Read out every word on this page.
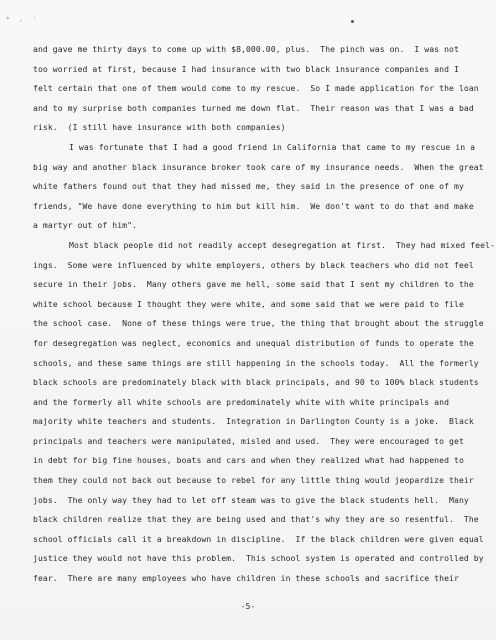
* , '
and gave me thirty days to come up with $8,000.00, plus.  The pinch was on.  I was not
too worried at first, because I had insurance with two black insurance companies and I
felt certain that one of them would come to my rescue.  So I made application for the loan
and to my surprise both companies turned me down flat.  Their reason was that I was a bad
risk.  (I still have insurance with both companies)
I was fortunate that I had a good friend in California that came to my rescue in a
big way and another black insurance broker took care of my insurance needs.  When the great
white fathers found out that they had missed me, they said in the presence of one of my
friends, "We have done everything to him but kill him.  We don't want to do that and make
a martyr out of him".
Most black people did not readily accept desegregation at first.  They had mixed feel-
ings.  Some were influenced by white employers, others by black teachers who did not feel
secure in their jobs.  Many others gave me hell, some said that I sent my children to the
white school because I thought they were white, and some said that we were paid to file
the school case.  None of these things were true, the thing that brought about the struggle
for desegregation was neglect, economics and unequal distribution of funds to operate the
schools, and these same things are still happening in the schools today.  All the formerly
black schools are predominately black with black principals, and 90 to 100% black students
and the formerly all white schools are predominately white with white principals and
majority white teachers and students.  Integration in Darlington County is a joke.  Black
principals and teachers were manipulated, misled and used.  They were encouraged to get
in debt for big fine houses, boats and cars and when they realized what had happened to
them they could not back out because to rebel for any little thing would jeopardize their
jobs.  The only way they had to let off steam was to give the black students hell.  Many
black children realize that they are being used and that's why they are so resentful.  The
school officials call it a breakdown in discipline.  If the black children were given equal
justice they would not have this problem.  This school system is operated and controlled by
fear.  There are many employees who have children in these schools and sacrifice their
-5-
